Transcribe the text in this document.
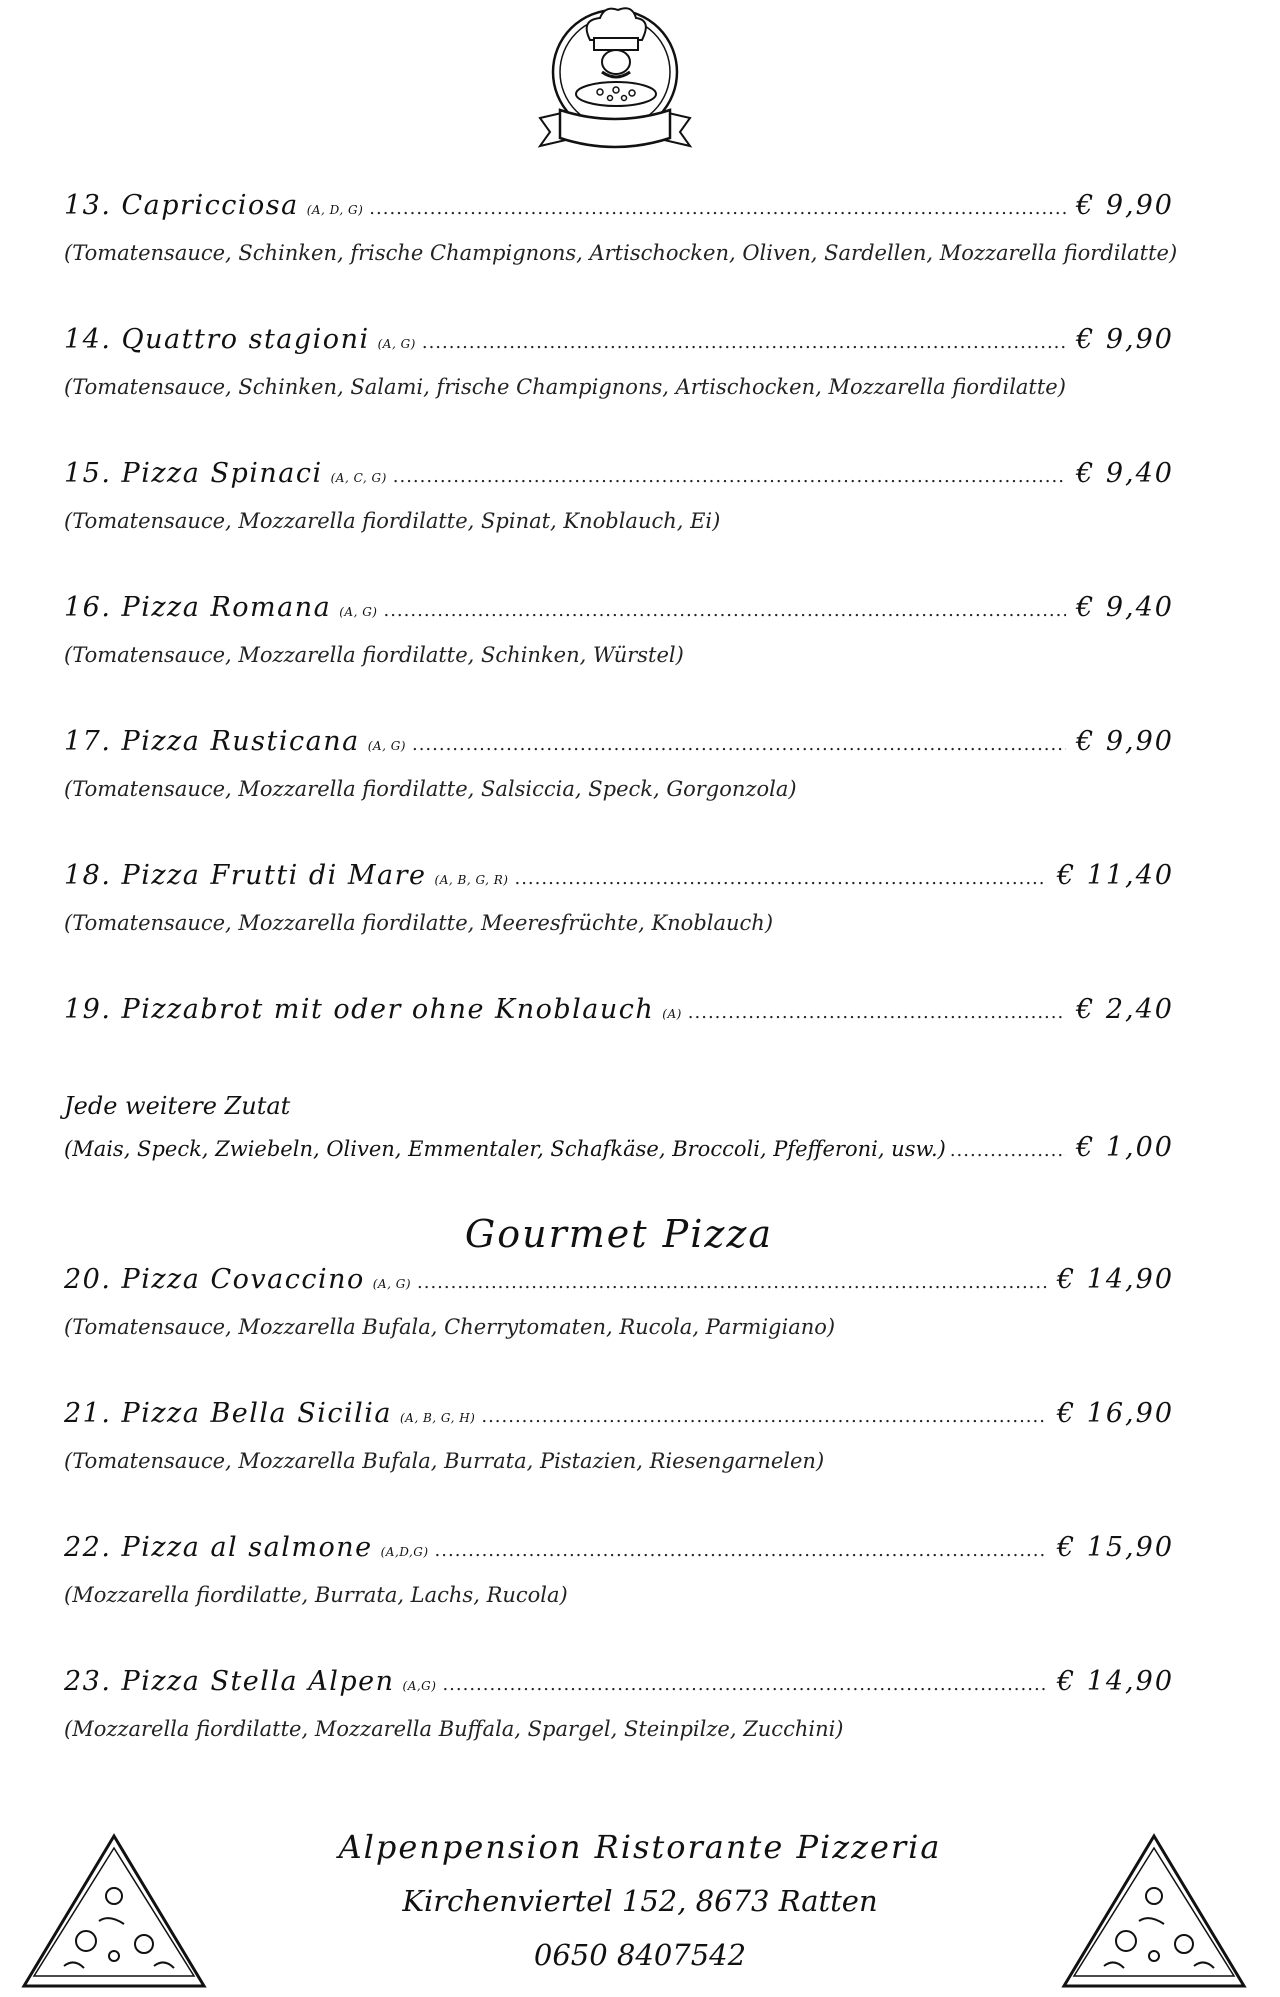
13. Capricciosa (A, D, G) .....	€ 9,90
(Tomatensauce, Schinken, frische Champignons, Artischocken, Oliven, Sardellen, Mozzarella fiordilatte)
14. Quattro stagioni (A, G) .....	€ 9,90
(Tomatensauce, Schinken, Salami, frische Champignons, Artischocken, Mozzarella fiordilatte)
15. Pizza Spinaci (A, C, G) .....	€ 9,40
(Tomatensauce, Mozzarella fiordilatte, Spinat, Knoblauch, Ei)
16. Pizza Romana (A, G) .....	€ 9,40
(Tomatensauce, Mozzarella fiordilatte, Schinken, Würstel)
17. Pizza Rusticana (A, G) .....	€ 9,90
(Tomatensauce, Mozzarella fiordilatte, Salsiccia, Speck, Gorgonzola)
18. Pizza Frutti di Mare (A, B, G, R) .....	€ 11,40
(Tomatensauce, Mozzarella fiordilatte, Meeresfrüchte, Knoblauch)
19. Pizzabrot mit oder ohne Knoblauch (A) .....	€ 2,40
Jede weitere Zutat
(Mais, Speck, Zwiebeln, Oliven, Emmentaler, Schafkäse, Broccoli, Pfefferoni, usw.) .....	€ 1,00
Gourmet Pizza
20. Pizza Covaccino (A, G) .....	€ 14,90
(Tomatensauce, Mozzarella Bufala, Cherrytomaten, Rucola, Parmigiano)
21. Pizza Bella Sicilia (A, B, G, H) .....	€ 16,90
(Tomatensauce, Mozzarella Bufala, Burrata, Pistazien, Riesengarnelen)
22. Pizza al salmone (A,D,G) .....	€ 15,90
(Mozzarella fiordilatte, Burrata, Lachs, Rucola)
23. Pizza Stella Alpen (A,G) .....	€ 14,90
(Mozzarella fiordilatte, Mozzarella Buffala, Spargel, Steinpilze, Zucchini)
Alpenpension Ristorante Pizzeria
Kirchenviertel 152, 8673 Ratten
0650 8407542
